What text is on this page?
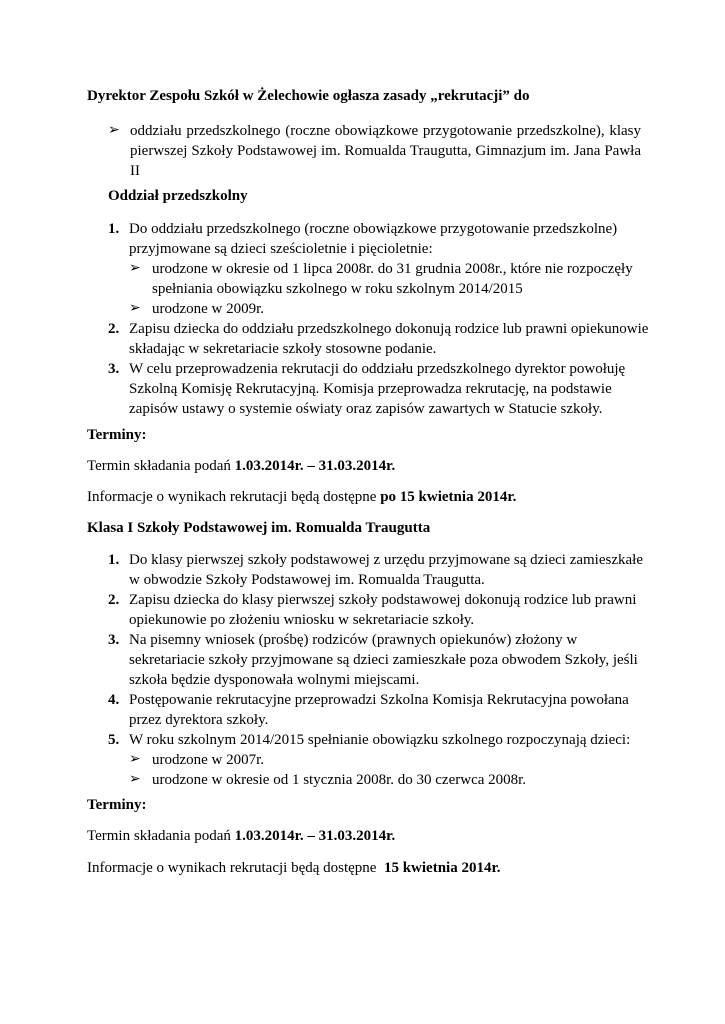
Dyrektor Zespołu Szkół w Żelechowie ogłasza zasady „rekrutacji” do
➢ oddziału przedszkolnego (roczne obowiązkowe przygotowanie przedszkolne), klasy pierwszej Szkoły Podstawowej im. Romualda Traugutta, Gimnazjum im. Jana Pawła II
Oddział przedszkolny
1. Do oddziału przedszkolnego (roczne obowiązkowe przygotowanie przedszkolne)
przyjmowane są dzieci sześcioletnie i pięcioletnie:
➢ urodzone w okresie od 1 lipca 2008r. do 31 grudnia 2008r., które nie rozpoczęły
spełniania obowiązku szkolnego w roku szkolnym 2014/2015
➢ urodzone w 2009r.
2. Zapisu dziecka do oddziału przedszkolnego dokonują rodzice lub prawni opiekunowie
składając w sekretariacie szkoły stosowne podanie.
3. W celu przeprowadzenia rekrutacji do oddziału przedszkolnego dyrektor powołuję
Szkolną Komisję Rekrutacyjną. Komisja przeprowadza rekrutację, na podstawie
zapisów ustawy o systemie oświaty oraz zapisów zawartych w Statucie szkoły.
Terminy:
Termin składania podań 1.03.2014r. – 31.03.2014r.
Informacje o wynikach rekrutacji będą dostępne po 15 kwietnia 2014r.
Klasa I Szkoły Podstawowej im. Romualda Traugutta
1. Do klasy pierwszej szkoły podstawowej z urzędu przyjmowane są dzieci zamieszkałe
w obwodzie Szkoły Podstawowej im. Romualda Traugutta.
2. Zapisu dziecka do klasy pierwszej szkoły podstawowej dokonują rodzice lub prawni
opiekunowie po złożeniu wniosku w sekretariacie szkoły.
3. Na pisemny wniosek (prośbę) rodziców (prawnych opiekunów) złożony w
sekretariacie szkoły przyjmowane są dzieci zamieszkałe poza obwodem Szkoły, jeśli
szkoła będzie dysponowała wolnymi miejscami.
4. Postępowanie rekrutacyjne przeprowadzi Szkolna Komisja Rekrutacyjna powołana
przez dyrektora szkoły.
5. W roku szkolnym 2014/2015 spełnianie obowiązku szkolnego rozpoczynają dzieci:
➢ urodzone w 2007r.
➢ urodzone w okresie od 1 stycznia 2008r. do 30 czerwca 2008r.
Terminy:
Termin składania podań 1.03.2014r. – 31.03.2014r.
Informacje o wynikach rekrutacji będą dostępne  15 kwietnia 2014r.
